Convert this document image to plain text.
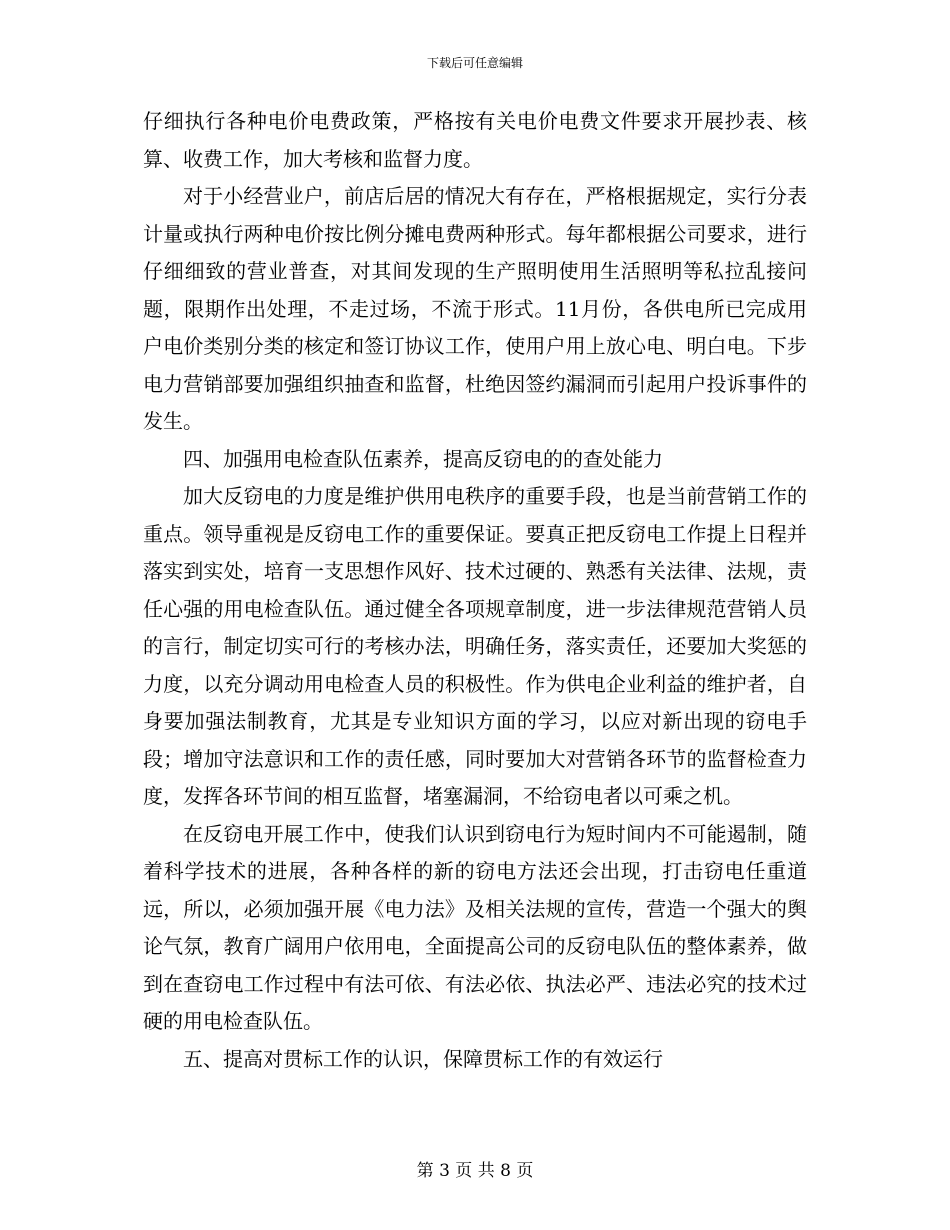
下载后可任意编辑

仔细执行各种电价电费政策，严格按有关电价电费文件要求开展抄表、核算、收费工作，加大考核和监督力度。

对于小经营业户，前店后居的情况大有存在，严格根据规定，实行分表计量或执行两种电价按比例分摊电费两种形式。每年都根据公司要求，进行仔细细致的营业普查，对其间发现的生产照明使用生活照明等私拉乱接问题，限期作出处理，不走过场，不流于形式。11月份，各供电所已完成用户电价类别分类的核定和签订协议工作，使用户用上放心电、明白电。下步电力营销部要加强组织抽查和监督，杜绝因签约漏洞而引起用户投诉事件的发生。

四、加强用电检查队伍素养，提高反窃电的的查处能力

加大反窃电的力度是维护供用电秩序的重要手段，也是当前营销工作的重点。领导重视是反窃电工作的重要保证。要真正把反窃电工作提上日程并落实到实处，培育一支思想作风好、技术过硬的、熟悉有关法律、法规，责任心强的用电检查队伍。通过健全各项规章制度，进一步法律规范营销人员的言行，制定切实可行的考核办法，明确任务，落实责任，还要加大奖惩的力度，以充分调动用电检查人员的积极性。作为供电企业利益的维护者，自身要加强法制教育，尤其是专业知识方面的学习，以应对新出现的窃电手段；增加守法意识和工作的责任感，同时要加大对营销各环节的监督检查力度，发挥各环节间的相互监督，堵塞漏洞，不给窃电者以可乘之机。

在反窃电开展工作中，使我们认识到窃电行为短时间内不可能遏制，随着科学技术的进展，各种各样的新的窃电方法还会出现，打击窃电任重道远，所以，必须加强开展《电力法》及相关法规的宣传，营造一个强大的舆论气氛，教育广阔用户依用电，全面提高公司的反窃电队伍的整体素养，做到在查窃电工作过程中有法可依、有法必依、执法必严、违法必究的技术过硬的用电检查队伍。

五、提高对贯标工作的认识，保障贯标工作的有效运行

第 3 页 共 8 页
